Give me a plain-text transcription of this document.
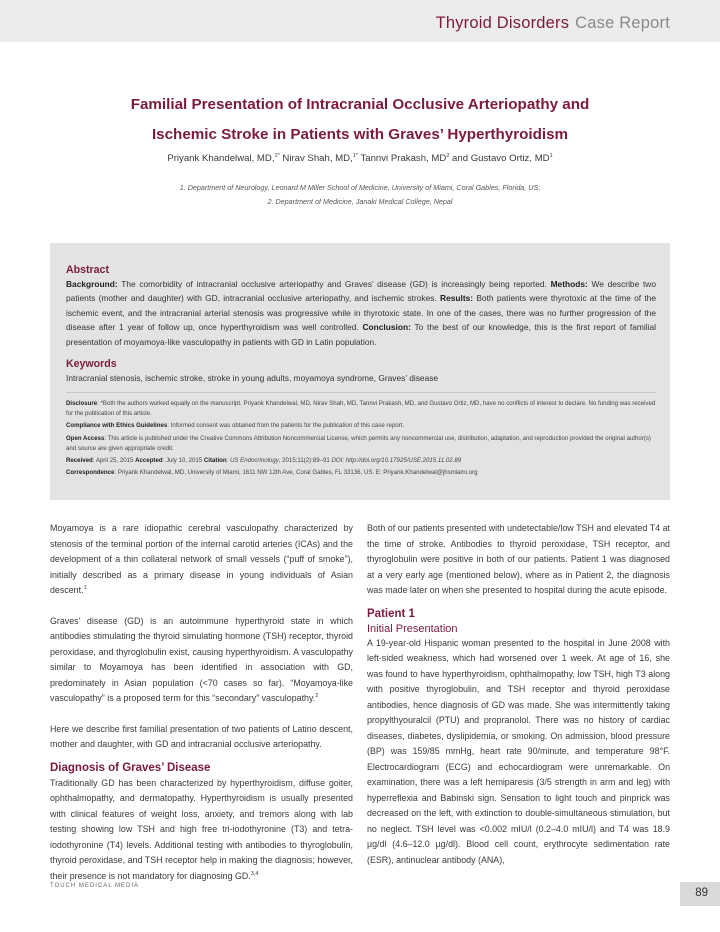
Thyroid Disorders Case Report
Familial Presentation of Intracranial Occlusive Arteriopathy and
Ischemic Stroke in Patients with Graves’ Hyperthyroidism
Priyank Khandelwal, MD,$^{1*}$ Nirav Shah, MD,$^{1*}$ Tannvi Prakash, $MD^2$ and Gustavo Ortiz, $MD^1$
1. Department of Neurology, Leonard M Miller School of Medicine, University of Miami, Coral Gables, Florida, US;
2. Department of Medicine, Janaki Medical College, Nepal

Abstract

Background: The comorbidity of intracranial occlusive arteriopathy and Graves’ disease (GD) is increasingly being reported. Methods: We describe two patients (mother and daughter) with GD, intracranial occlusive arteriopathy, and ischemic strokes. Results: Both patients were thyrotoxic at the time of the ischemic event, and the intracranial arterial stenosis was progressive while in thyrotoxic state. In one of the cases, there was no further progression of the disease after 1 year of follow up, once hyperthyroidism was well controlled. Conclusion: To the best of our knowledge, this is the first report of familial presentation of moyamoya-like vasculopathy in patients with GD in Latin population.

Keywords

Intracranial stenosis, ischemic stroke, stroke in young adults, moyamoya syndrome, Graves’ disease

Disclosure: *Both the authors worked equally on the manuscript. Priyank Khandelwal, MD, Nirav Shah, MD, Tannvi Prakash, MD, and Gustavo Ortiz, MD, have no conflicts of interest to declare. No funding was received for the publication of this article.

Compliance with Ethics Guidelines: Informed consent was obtained from the patients for the publication of this case report.

Open Access: This article is published under the Creative Commons Attribution Noncommercial License, which permits any noncommercial use, distribution, adaptation, and reproduction provided the original author(s) and source are given appropriate credit.

Received: April 25, 2015 Accepted: July 10, 2015 Citation: US Endocrinology, 2015;11(2):89–91 DOI: http://doi.org/10.17925/USE.2015.11.02.89

Correspondence: Priyank Khandelwal, MD, University of Miami, 1611 NW 12th Ave, Coral Gables, FL 33136, US. E: Priyank.Khandelwal@jhsmiami.org

Moyamoya is a rare idiopathic cerebral vasculopathy characterized by stenosis of the terminal portion of the internal carotid arteries (ICAs) and the development of a thin collateral network of small vessels (“puff of smoke”), initially described as a primary disease in young individuals of Asian descent.$^1$

Graves’ disease (GD) is an autoimmune hyperthyroid state in which antibodies stimulating the thyroid simulating hormone (TSH) receptor, thyroid peroxidase, and thyroglobulin exist, causing hyperthyroidism. A vasculopathy similar to Moyamoya has been identified in association with GD, predominately in Asian population (<70 cases so far). “Moyamoya-like vasculopathy” is a proposed term for this “secondary” vasculopathy.$^2$

Here we describe first familial presentation of two patients of Latino descent, mother and daughter, with GD and intracranial occlusive arteriopathy.

Diagnosis of Graves’ Disease

Traditionally GD has been characterized by hyperthyroidism, diffuse goiter, ophthalmopathy, and dermatopathy. Hyperthyroidism is usually presented with clinical features of weight loss, anxiety, and tremors along with lab testing showing low TSH and high free tri-iodothyronine (T3) and tetra-iodothyronine (T4) levels. Additional testing with antibodies to thyroglobulin, thyroid peroxidase, and TSH receptor help in making the diagnosis; however, their presence is not mandatory for diagnosing GD.$^{3,4}$

Both of our patients presented with undetectable/low TSH and elevated T4 at the time of stroke. Antibodies to thyroid peroxidase, TSH receptor, and thyroglobulin were positive in both of our patients. Patient 1 was diagnosed at a very early age (mentioned below), where as in Patient 2, the diagnosis was made later on when she presented to hospital during the acute episode.

Patient 1
Initial Presentation

A 19-year-old Hispanic woman presented to the hospital in June 2008 with left-sided weakness, which had worsened over 1 week. At age of 16, she was found to have hyperthyroidism, ophthalmopathy, low TSH, high T3 along with positive thyroglobulin, and TSH receptor and thyroid peroxidase antibodies, hence diagnosis of GD was made. She was intermittently taking propylthyouralcil (PTU) and propranolol. There was no history of cardiac diseases, diabetes, dyslipidemia, or smoking. On admission, blood pressure (BP) was 159/85 mmHg, heart rate 90/minute, and temperature 98°F. Electrocardiogram (ECG) and echocardiogram were unremarkable. On examination, there was a left hemiparesis (3/5 strength in arm and leg) with hyperreflexia and Babinski sign. Sensation to light touch and pinprick was decreased on the left, with extinction to double-simultaneous stimulation, but no neglect. TSH level was <0.002 mIU/l (0.2–4.0 mIU/l) and T4 was 18.9 µg/dl (4.6–12.0 µg/dl). Blood cell count, erythrocyte sedimentation rate (ESR), antinuclear antibody (ANA),

TOUCH MEDICAL MEDIA
89
